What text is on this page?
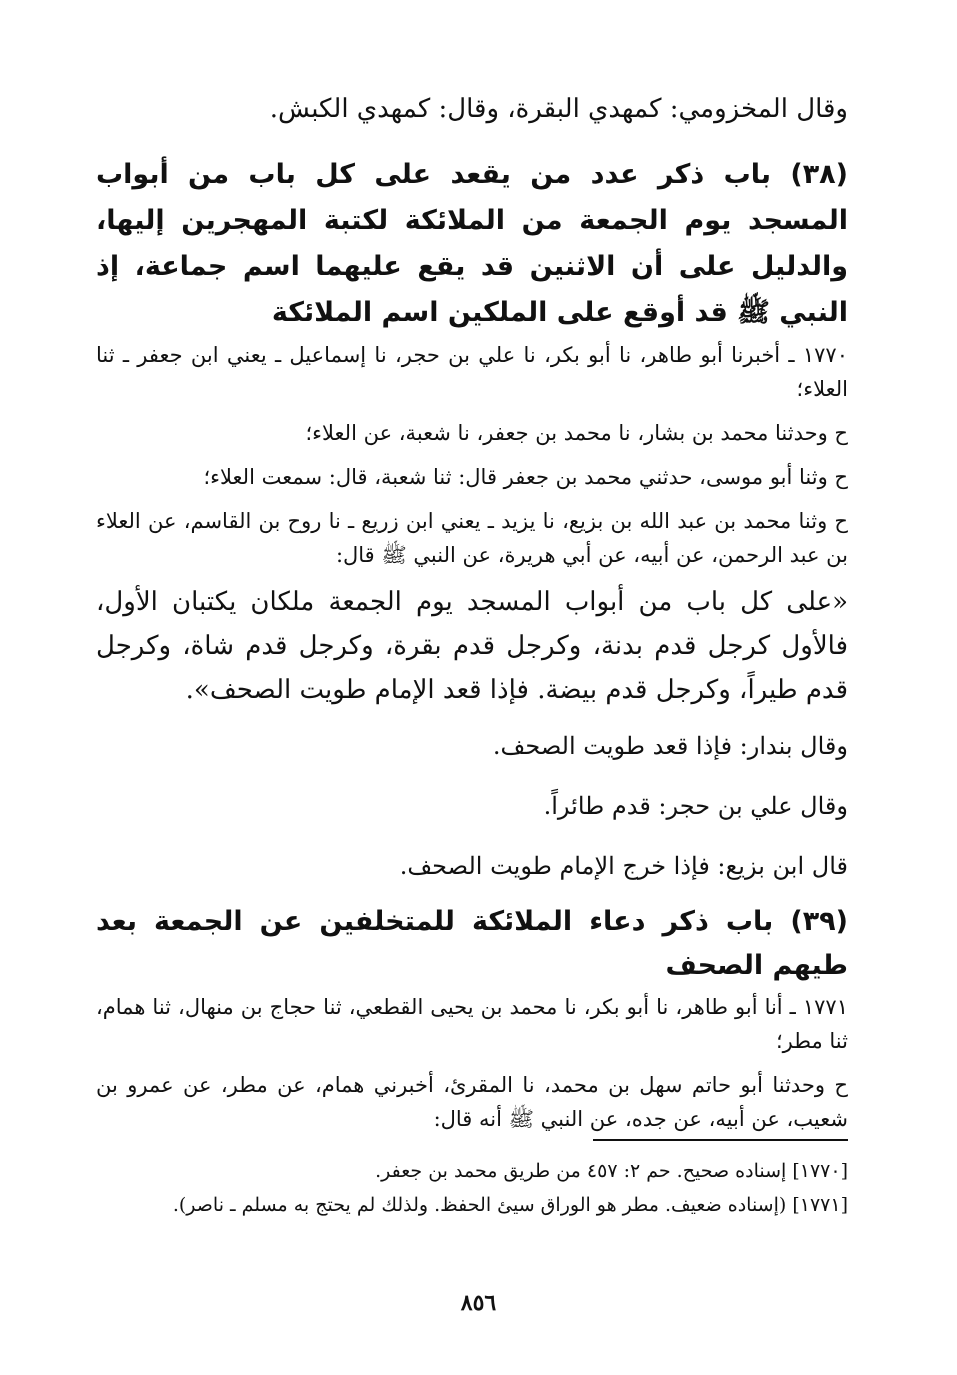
وقال المخزومي: كمهدي البقرة، وقال: كمهدي الكبش.

(٣٨) باب ذكر عدد من يقعد على كل باب من أبواب المسجد يوم الجمعة من الملائكة لكتبة المهجرين إليها، والدليل على أن الاثنين قد يقع عليهما اسم جماعة، إذ النبي ﷺ قد أوقع على الملكين اسم الملائكة

١٧٧٠ ـ أخبرنا أبو طاهر، نا أبو بكر، نا علي بن حجر، نا إسماعيل ـ يعني ابن جعفر ـ ثنا العلاء؛

ح وحدثنا محمد بن بشار، نا محمد بن جعفر، نا شعبة، عن العلاء؛

ح وثنا أبو موسى، حدثني محمد بن جعفر قال: ثنا شعبة، قال: سمعت العلاء؛

ح وثنا محمد بن عبد الله بن بزيع، نا يزيد ـ يعني ابن زريع ـ نا روح بن القاسم، عن العلاء بن عبد الرحمن، عن أبيه، عن أبي هريرة، عن النبي ﷺ قال:

«على كل باب من أبواب المسجد يوم الجمعة ملكان يكتبان الأول، فالأول كرجل قدم بدنة، وكرجل قدم بقرة، وكرجل قدم شاة، وكرجل قدم طيراً، وكرجل قدم بيضة. فإذا قعد الإمام طويت الصحف».

وقال بندار: فإذا قعد طويت الصحف.

وقال علي بن حجر: قدم طائراً.

قال ابن بزيع: فإذا خرج الإمام طويت الصحف.

(٣٩) باب ذكر دعاء الملائكة للمتخلفين عن الجمعة بعد طيهم الصحف

١٧٧١ ـ أنا أبو طاهر، نا أبو بكر، نا محمد بن يحيى القطعي، ثنا حجاج بن منهال، ثنا همام، ثنا مطر؛

ح وحدثنا أبو حاتم سهل بن محمد، نا المقرئ، أخبرني همام، عن مطر، عن عمرو بن شعيب، عن أبيه، عن جده، عن النبي ﷺ أنه قال:

[١٧٧٠] إسناده صحيح. حم ٢: ٤٥٧ من طريق محمد بن جعفر.

[١٧٧١] (إسناده ضعيف. مطر هو الوراق سيئ الحفظ. ولذلك لم يحتج به مسلم ـ ناصر).

٨٥٦
